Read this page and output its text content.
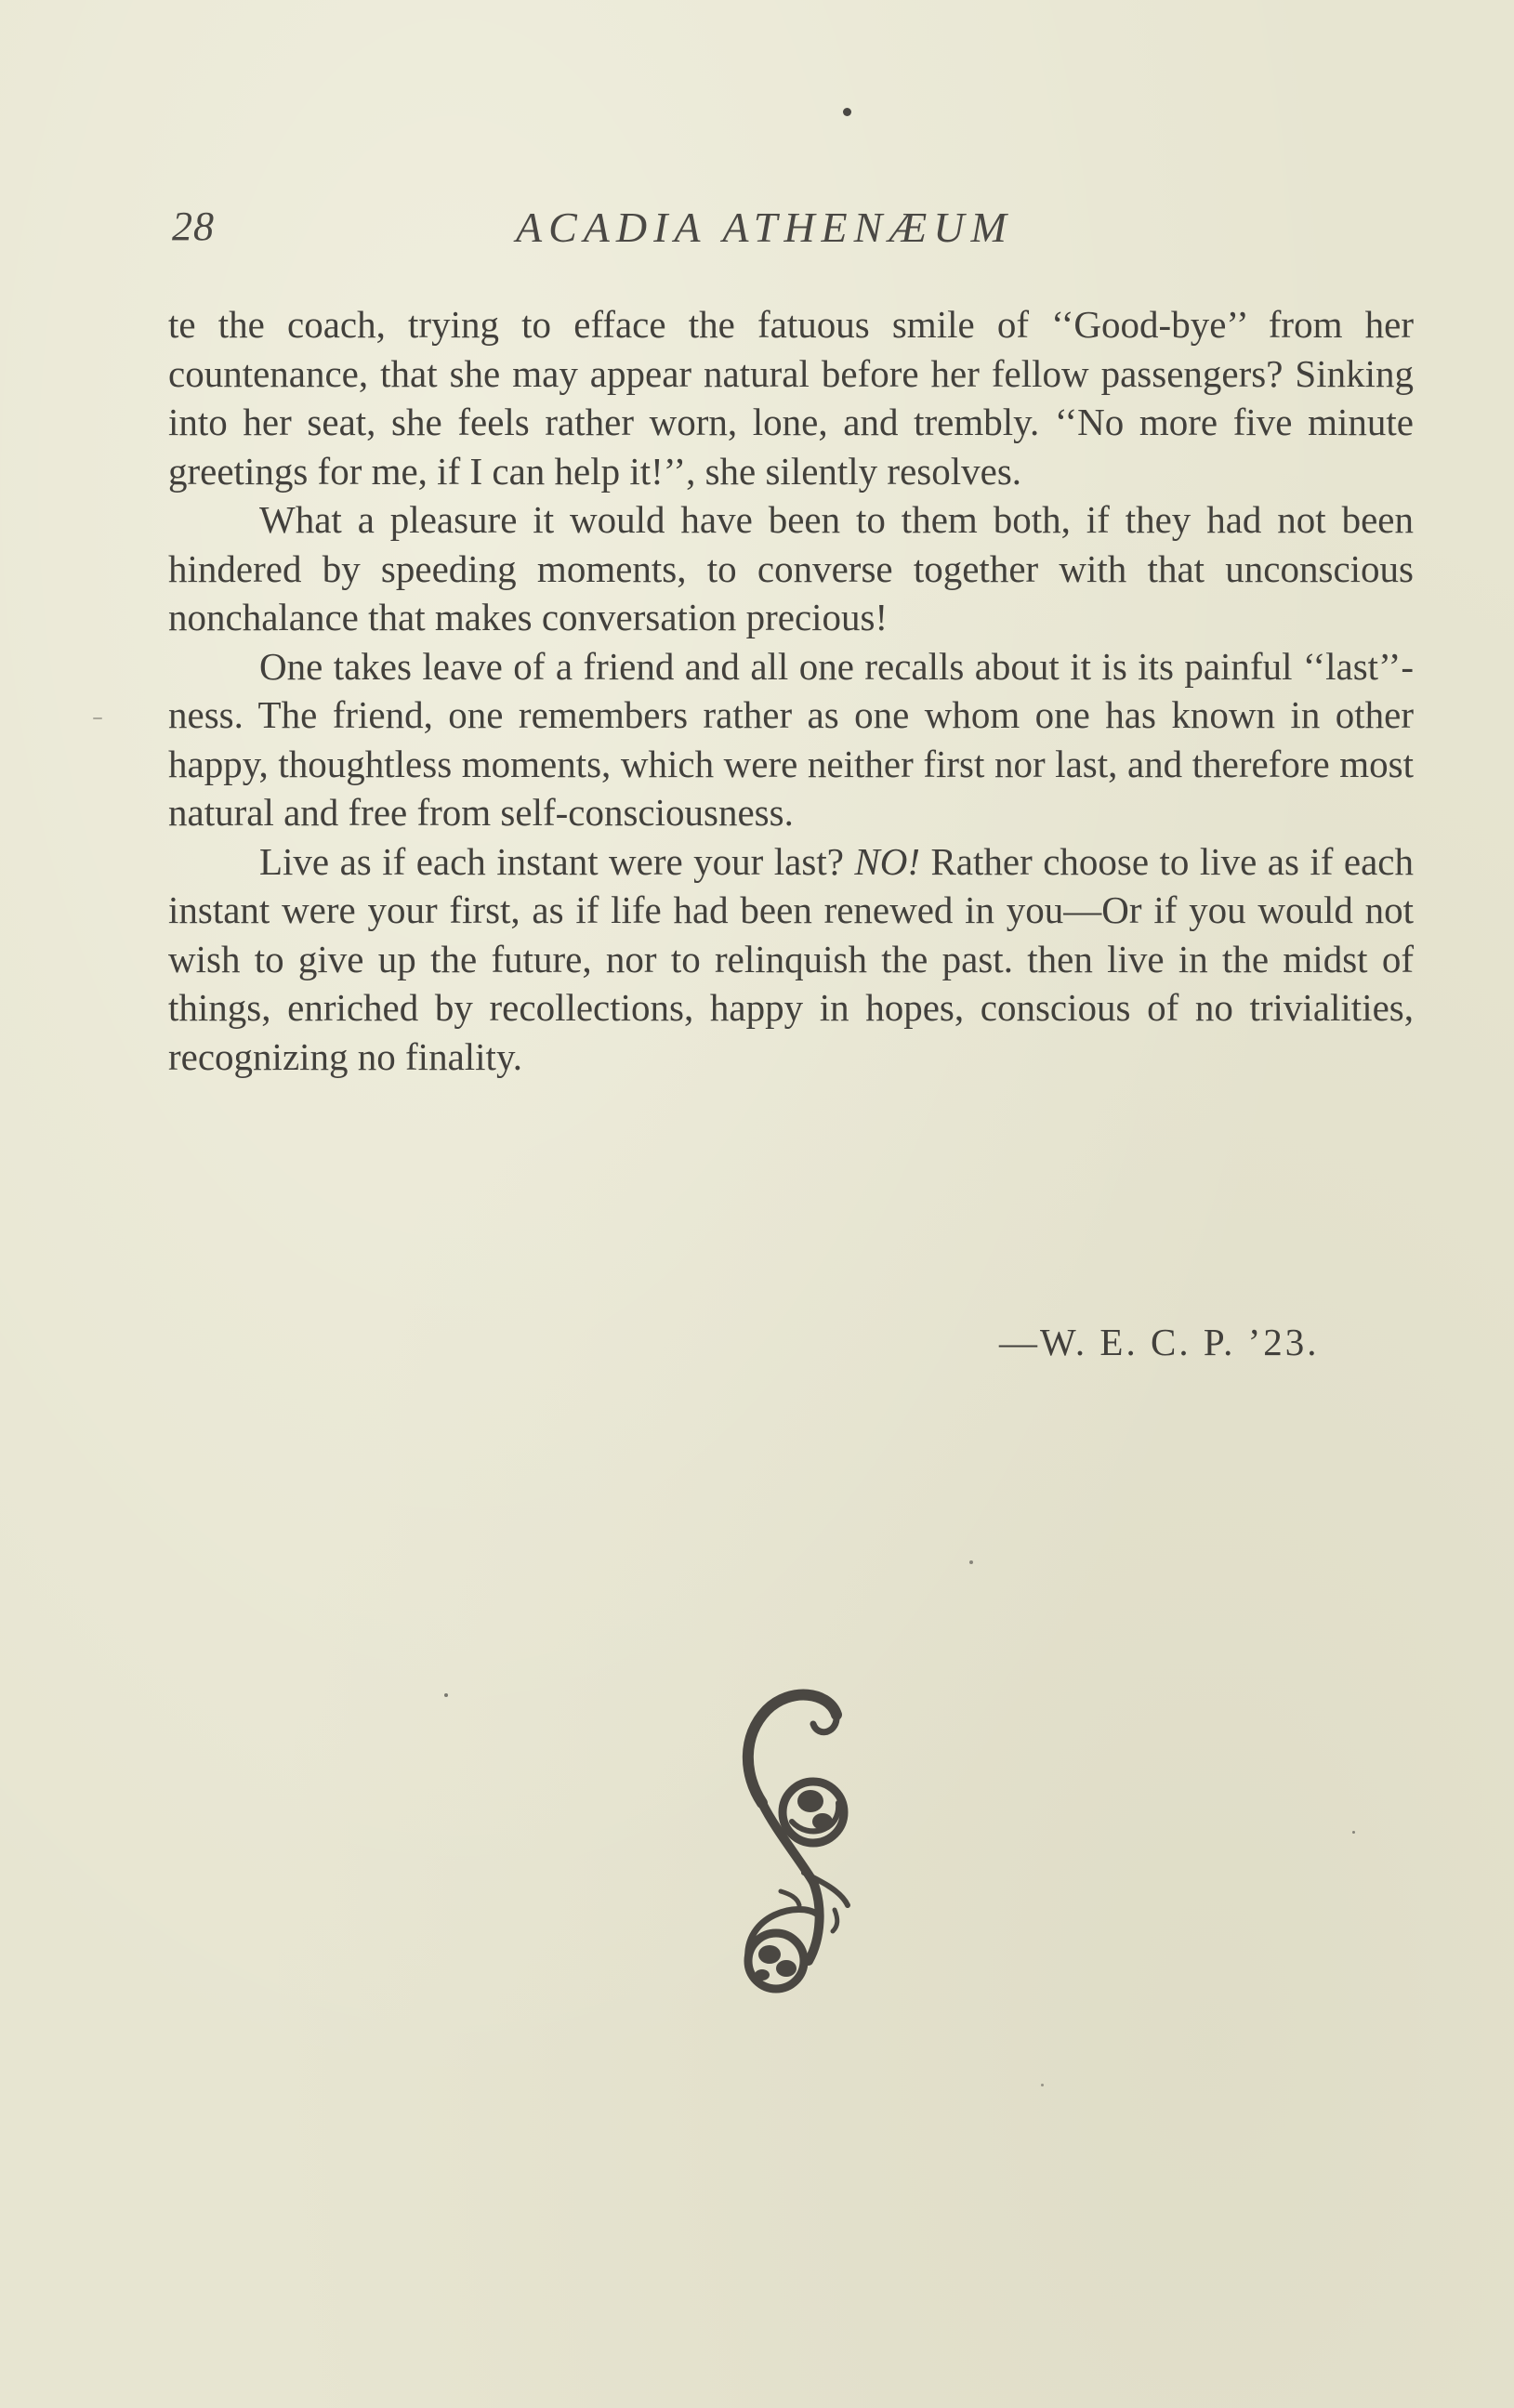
28	ACADIA ATHENÆUM

te the coach, trying to efface the fatuous smile of ‘‘Good-bye’’ from her countenance, that she may appear natural before her fellow passengers? Sinking into her seat, she feels rather worn, lone, and trembly. ‘‘No more five minute greetings for me, if I can help it!’’, she silently resolves.

What a pleasure it would have been to them both, if they had not been hindered by speeding moments, to converse together with that unconscious nonchalance that makes conversation precious!

One takes leave of a friend and all one recalls about it is its painful ‘‘last’’-ness. The friend, one remembers rather as one whom one has known in other happy, thoughtless moments, which were neither first nor last, and therefore most natural and free from self-consciousness.

Live as if each instant were your last? NO! Rather choose to live as if each instant were your first, as if life had been renewed in you—Or if you would not wish to give up the future, nor to relinquish the past. then live in the midst of things, enriched by recollections, happy in hopes, conscious of no trivialities, recognizing no finality.

—W. E. C. P. ’23.
